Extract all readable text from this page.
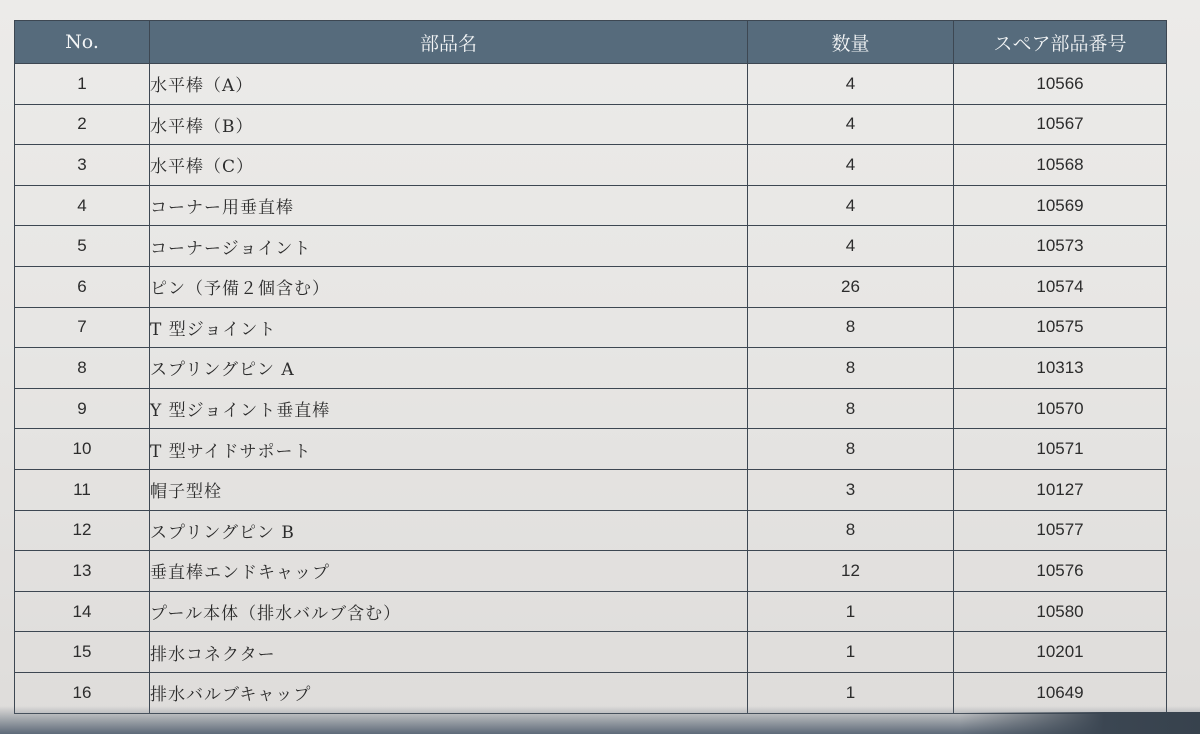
No.	部品名	数量	スペア部品番号
1	水平棒（A）	4	10566
2	水平棒（B）	4	10567
3	水平棒（C）	4	10568
4	コーナー用垂直棒	4	10569
5	コーナージョイント	4	10573
6	ピン（予備２個含む）	26	10574
7	T 型ジョイント	8	10575
8	スプリングピン A	8	10313
9	Y 型ジョイント垂直棒	8	10570
10	T 型サイドサポート	8	10571
11	帽子型栓	3	10127
12	スプリングピン B	8	10577
13	垂直棒エンドキャップ	12	10576
14	プール本体（排水バルブ含む）	1	10580
15	排水コネクター	1	10201
16	排水バルブキャップ	1	10649
